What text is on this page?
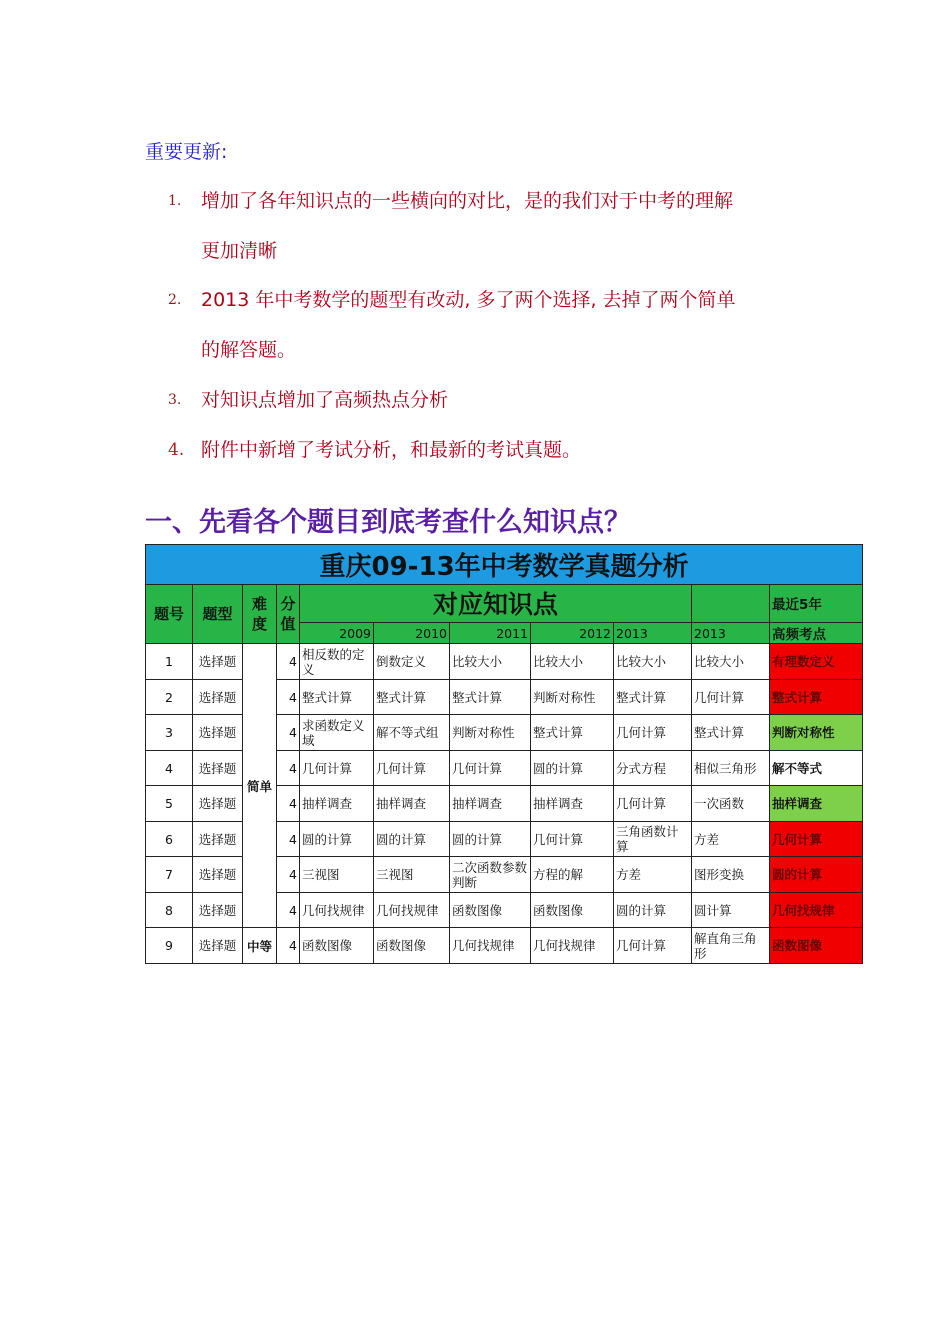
重要更新:
1.	增加了各年知识点的一些横向的对比，是的我们对于中考的理解
更加清晰
2.	2013 年中考数学的题型有改动, 多了两个选择, 去掉了两个简单
的解答题。
3.	对知识点增加了高频热点分析
4. 附件中新增了考试分析，和最新的考试真题。
一、先看各个题目到底考查什么知识点？
重庆09-13年中考数学真题分析										
题号	题型	难度	分值	对应知识点						最近5年
				2009	2010	2011	2012	2013	2013	高频考点
1	选择题	简单	4	相反数的定义	倒数定义	比较大小	比较大小	比较大小	比较大小	有理数定义
2	选择题		4	整式计算	整式计算	整式计算	判断对称性	整式计算	几何计算	整式计算
3	选择题		4	求函数定义域	解不等式组	判断对称性	整式计算	几何计算	整式计算	判断对称性
4	选择题		4	几何计算	几何计算	几何计算	圆的计算	分式方程	相似三角形	解不等式
5	选择题		4	抽样调查	抽样调查	抽样调查	抽样调查	几何计算	一次函数	抽样调查
6	选择题		4	圆的计算	圆的计算	圆的计算	几何计算	三角函数计算	方差	几何计算
7	选择题		4	三视图	三视图	二次函数参数判断	方程的解	方差	图形变换	圆的计算
8	选择题		4	几何找规律	几何找规律	函数图像	函数图像	圆的计算	圆计算	几何找规律
9	选择题	中等	4	函数图像	函数图像	几何找规律	几何找规律	几何计算	解直角三角形	函数图像
